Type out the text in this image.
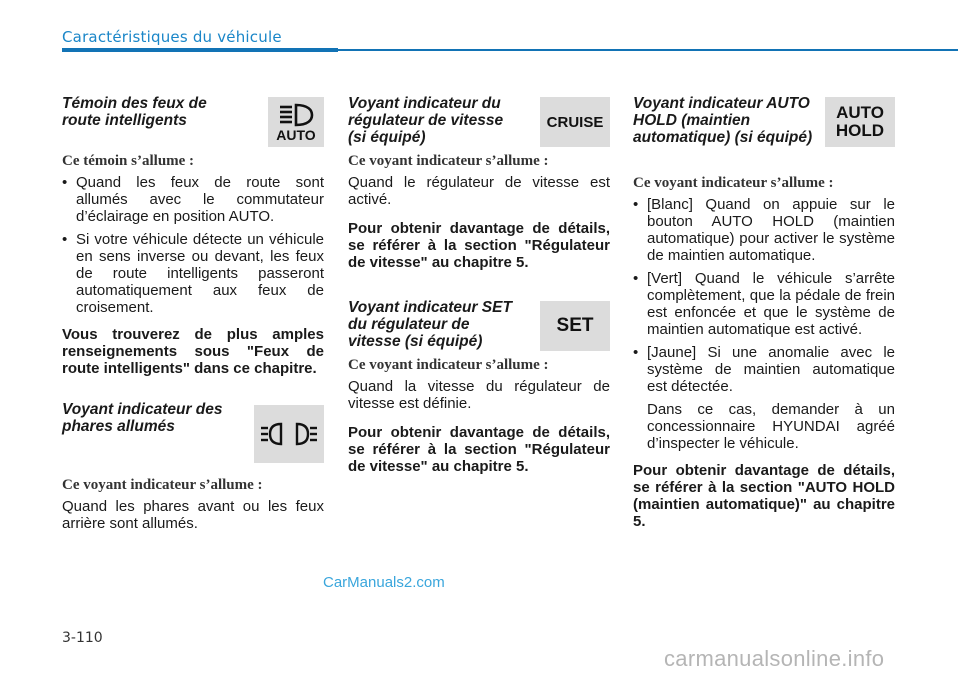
Caractéristiques du véhicule
Témoin des feux de route intelligents
AUTO
Ce témoin s’allume :
• Quand les feux de route sont allumés avec le commutateur d’éclairage en position AUTO.
• Si votre véhicule détecte un véhicule en sens inverse ou devant, les feux de route intelligents passeront automatiquement aux feux de croisement.
Vous trouverez de plus amples renseignements sous "Feux de route intelligents" dans ce chapitre.
Voyant indicateur des phares allumés
Ce voyant indicateur s’allume :
Quand les phares avant ou les feux arrière sont allumés.
Voyant indicateur du régulateur de vitesse (si équipé)
CRUISE
Ce voyant indicateur s’allume :
Quand le régulateur de vitesse est activé.
Pour obtenir davantage de détails, se référer à la section "Régulateur de vitesse" au chapitre 5.
Voyant indicateur SET du régulateur de vitesse (si équipé)
SET
Ce voyant indicateur s’allume :
Quand la vitesse du régulateur de vitesse est définie.
Pour obtenir davantage de détails, se référer à la section "Régulateur de vitesse" au chapitre 5.
Voyant indicateur AUTO HOLD (maintien automatique) (si équipé)
AUTO
HOLD
Ce voyant indicateur s’allume :
• [Blanc] Quand on appuie sur le bouton AUTO HOLD (maintien automatique) pour activer le système de maintien automatique.
• [Vert] Quand le véhicule s’arrête complètement, que la pédale de frein est enfoncée et que le système de maintien automatique est activé.
• [Jaune] Si une anomalie avec le système de maintien automatique est détectée.
Dans ce cas, demander à un concessionnaire HYUNDAI agréé d’inspecter le véhicule.
Pour obtenir davantage de détails, se référer à la section "AUTO HOLD (maintien automatique)" au chapitre 5.
CarManuals2.com
3-110
carmanualsonline.info
